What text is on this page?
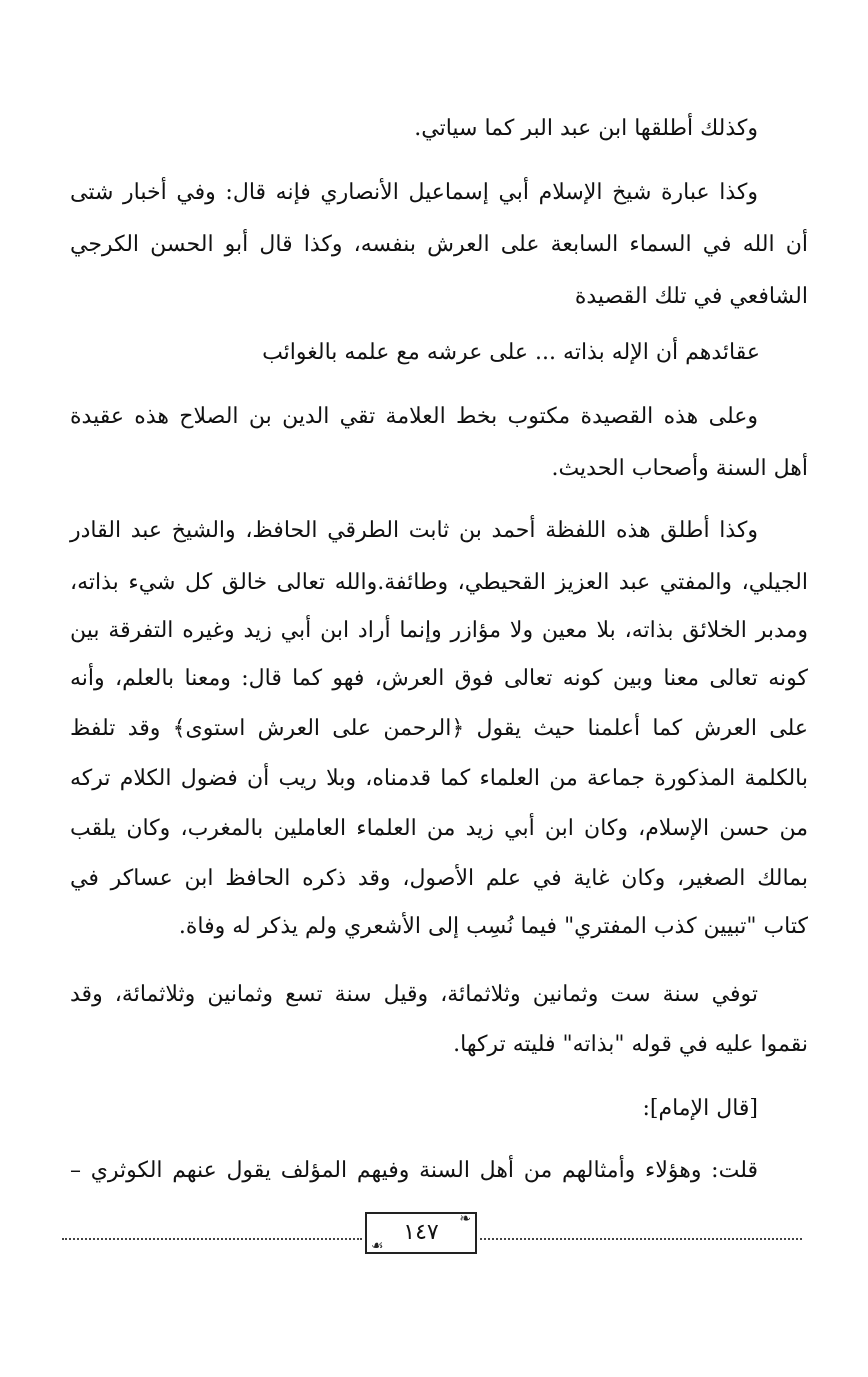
وكذلك أطلقها ابن عبد البر كما سياتي.
وكذا عبارة شيخ الإسلام أبي إسماعيل الأنصاري فإنه قال: وفي أخبار شتى
أن الله في السماء السابعة على العرش بنفسه، وكذا قال أبو الحسن الكرجي
الشافعي في تلك القصيدة
عقائدهم أن الإله بذاته ... على عرشه مع علمه بالغوائب
وعلى هذه القصيدة مكتوب بخط العلامة تقي الدين بن الصلاح هذه عقيدة
أهل السنة وأصحاب الحديث.
وكذا أطلق هذه اللفظة أحمد بن ثابت الطرقي الحافظ، والشيخ عبد القادر
الجيلي، والمفتي عبد العزيز القحيطي، وطائفة.والله تعالى خالق كل شيء بذاته،
ومدبر الخلائق بذاته، بلا معين ولا مؤازر وإنما أراد ابن أبي زيد وغيره التفرقة بين
كونه تعالى معنا وبين كونه تعالى فوق العرش، فهو كما قال: ومعنا بالعلم، وأنه
على العرش كما أعلمنا حيث يقول ﴿الرحمن على العرش استوى﴾ وقد تلفظ
بالكلمة المذكورة جماعة من العلماء كما قدمناه، وبلا ريب أن فضول الكلام تركه
من حسن الإسلام، وكان ابن أبي زيد من العلماء العاملين بالمغرب، وكان يلقب
بمالك الصغير، وكان غاية في علم الأصول، وقد ذكره الحافظ ابن عساكر في
كتاب "تبيين كذب المفتري" فيما نُسِب إلى الأشعري ولم يذكر له وفاة.
توفي سنة ست وثمانين وثلاثمائة، وقيل سنة تسع وثمانين وثلاثمائة، وقد
نقموا عليه في قوله "بذاته" فليته تركها.
[قال الإمام]:
قلت: وهؤلاء وأمثالهم من أهل السنة وفيهم المؤلف يقول عنهم الكوثري –
❧
☙
١٤٧
